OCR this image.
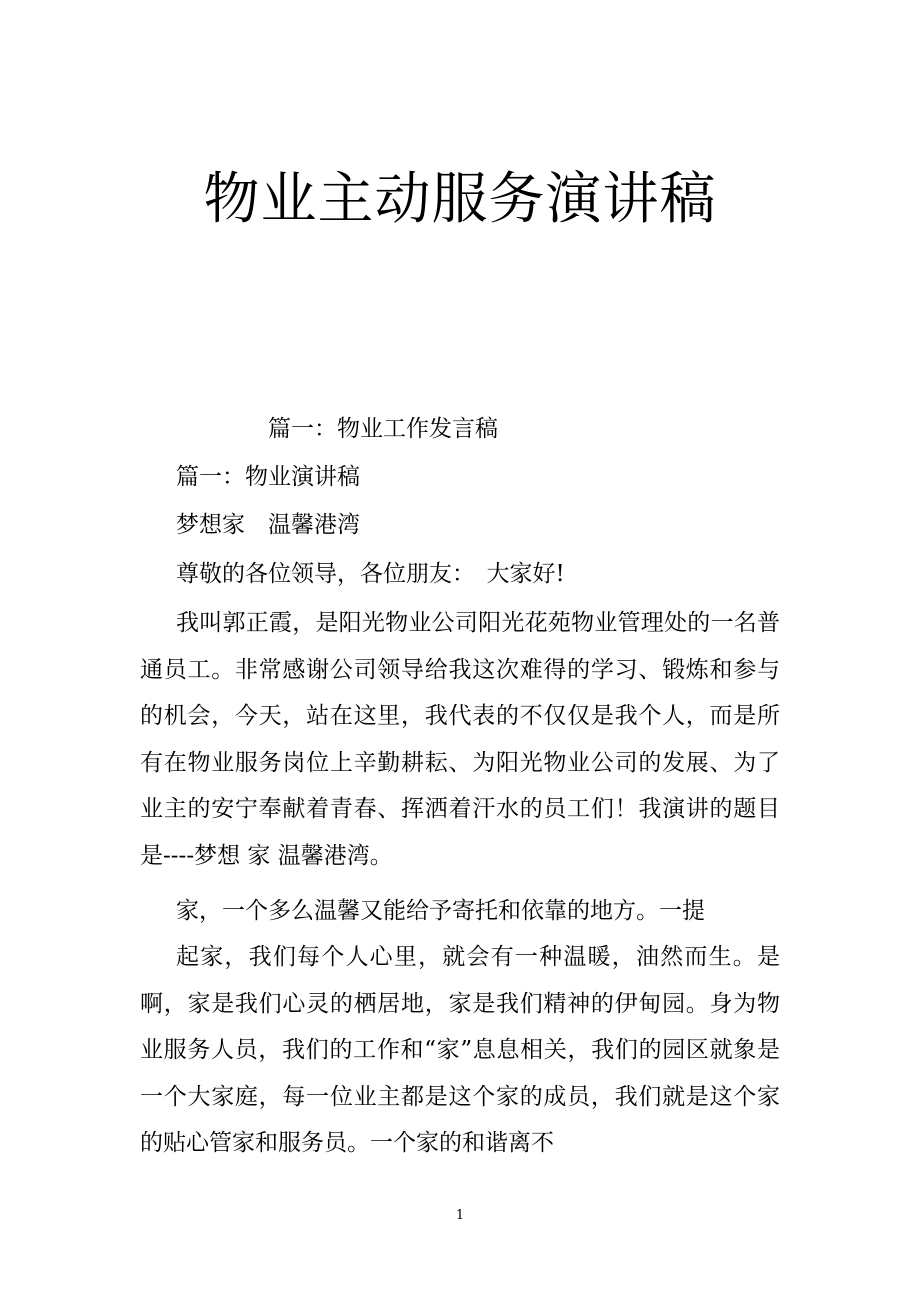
物业主动服务演讲稿
篇一：物业工作发言稿
篇一：物业演讲稿
梦想家　温馨港湾
尊敬的各位领导，各位朋友：　大家好!

我叫郭正霞，是阳光物业公司阳光花苑物业管理处的一名普通员工。非常感谢公司领导给我这次难得的学习、锻炼和参与的机会，今天，站在这里，我代表的不仅仅是我个人，而是所有在物业服务岗位上辛勤耕耘、为阳光物业公司的发展、为了业主的安宁奉献着青春、挥洒着汗水的员工们！我演讲的题目是----梦想 家 温馨港湾。

家，一个多么温馨又能给予寄托和依靠的地方。一提

起家，我们每个人心里，就会有一种温暖，油然而生。是啊，家是我们心灵的栖居地，家是我们精神的伊甸园。身为物业服务人员，我们的工作和“家”息息相关，我们的园区就象是一个大家庭，每一位业主都是这个家的成员，我们就是这个家的贴心管家和服务员。一个家的和谐离不

1
